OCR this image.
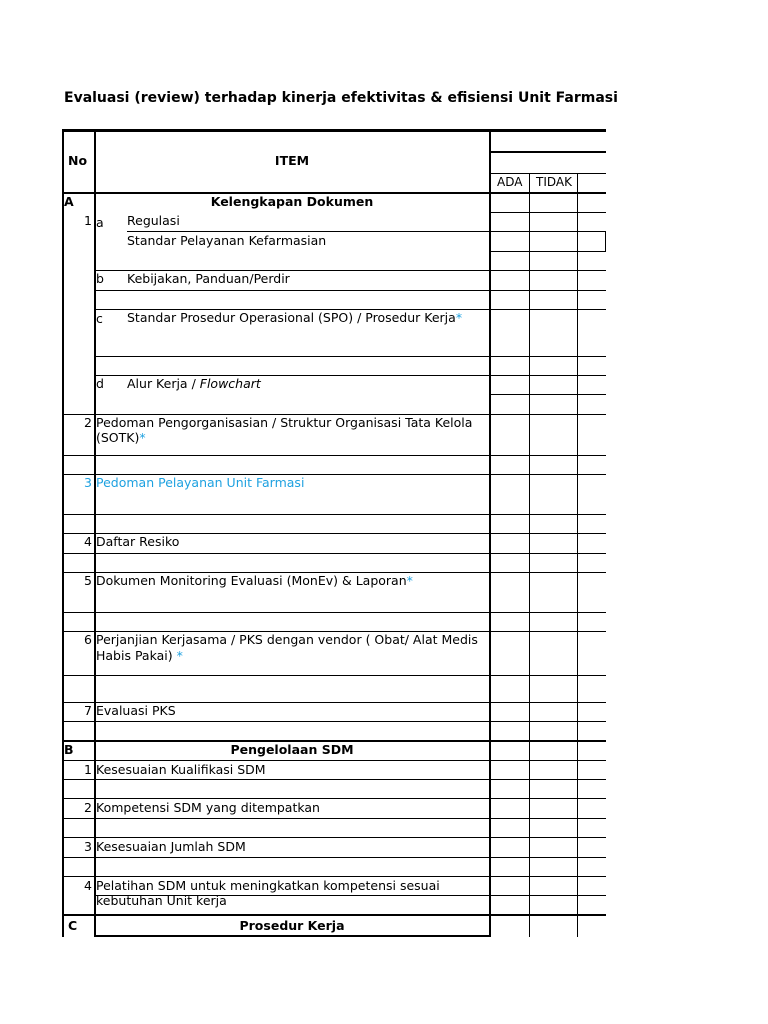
Evaluasi (review) terhadap kinerja efektivitas & efisiensi Unit Farmasi
No	ITEM
ADA TIDAK
A	Kelengkapan Dokumen
1 a Regulasi
Standar Pelayanan Kefarmasian
b Kebijakan, Panduan/Perdir
c Standar Prosedur Operasional (SPO) / Prosedur Kerja*
d Alur Kerja / Flowchart
2 Pedoman Pengorganisasian / Struktur Organisasi Tata Kelola
(SOTK)*
3 Pedoman Pelayanan Unit Farmasi
4 Daftar Resiko
5 Dokumen Monitoring Evaluasi (MonEv) & Laporan*
6 Perjanjian Kerjasama / PKS dengan vendor ( Obat/ Alat Medis
Habis Pakai) *
7 Evaluasi PKS
B	Pengelolaan SDM
1 Kesesuaian Kualifikasi SDM
2 Kompetensi SDM yang ditempatkan
3 Kesesuaian Jumlah SDM
4 Pelatihan SDM untuk meningkatkan kompetensi sesuai
kebutuhan Unit kerja
C	Prosedur Kerja
